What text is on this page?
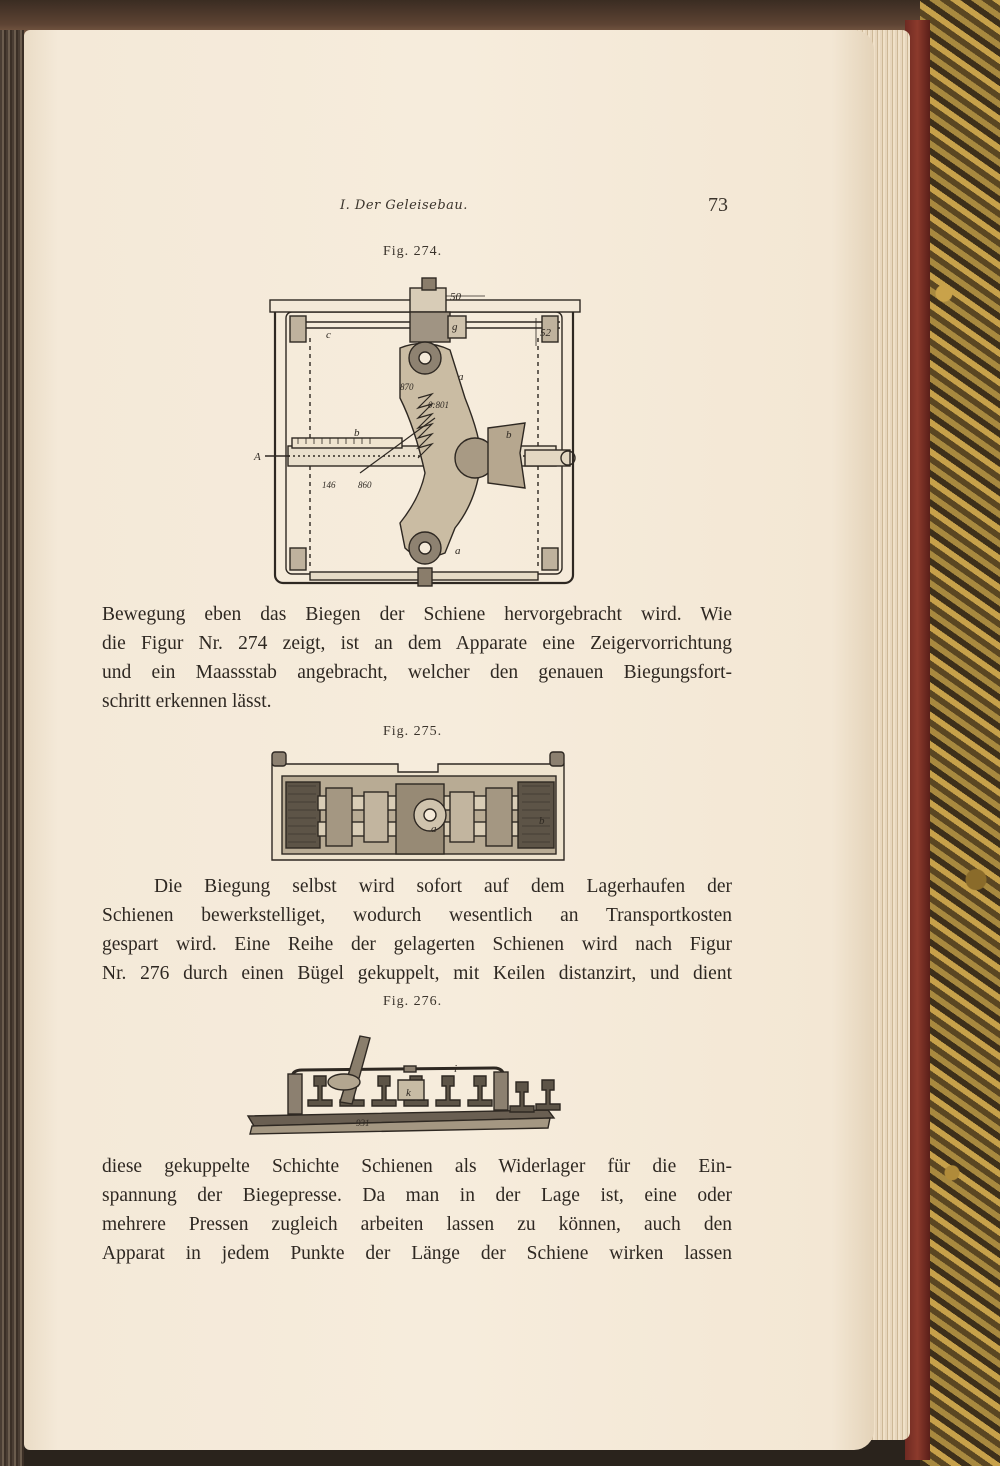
I. Der Geleisebau.	73
Fig. 274.
50
52
g
c
a
a
b	b
A
870
0:801
146	860

Bewegung eben das Biegen der Schiene hervorgebracht wird. Wie
die Figur Nr. 274 zeigt, ist an dem Apparate eine Zeigervorrichtung
und ein Maassstab angebracht, welcher den genauen Biegungsfort-
schritt erkennen lässt.

Fig. 275.
a
b

Die Biegung selbst wird sofort auf dem Lagerhaufen der
Schienen bewerkstelliget, wodurch wesentlich an Transportkosten
gespart wird. Eine Reihe der gelagerten Schienen wird nach Figur
Nr. 276 durch einen Bügel gekuppelt, mit Keilen distanzirt, und dient

Fig. 276.
i
k
931

diese gekuppelte Schichte Schienen als Widerlager für die Ein-
spannung der Biegepresse. Da man in der Lage ist, eine oder
mehrere Pressen zugleich arbeiten lassen zu können, auch den
Apparat in jedem Punkte der Länge der Schiene wirken lassen
